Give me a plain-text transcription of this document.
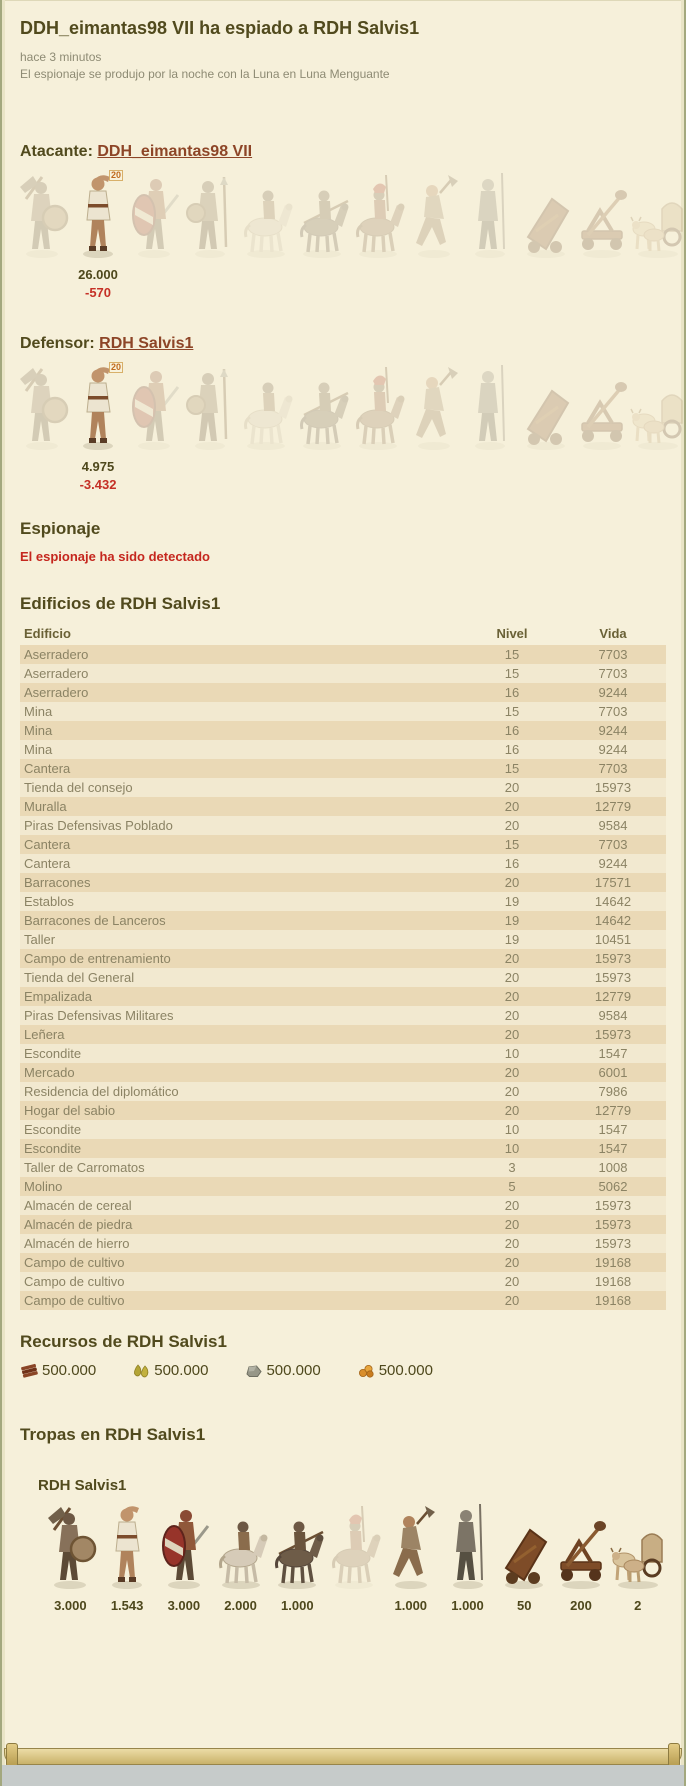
DDH_eimantas98 VII ha espiado a RDH Salvis1
hace 3 minutos
El espionaje se produjo por la noche con la Luna en Luna Menguante
Atacante: DDH_eimantas98 VII
20
26.000
-570
Defensor: RDH Salvis1
20
4.975
-3.432
Espionaje
El espionaje ha sido detectado
Edificios de RDH Salvis1
Edificio	Nivel	Vida
Aserradero	15	7703
Aserradero	15	7703
Aserradero	16	9244
Mina	15	7703
Mina	16	9244
Mina	16	9244
Cantera	15	7703
Tienda del consejo	20	15973
Muralla	20	12779
Piras Defensivas Poblado	20	9584
Cantera	15	7703
Cantera	16	9244
Barracones	20	17571
Establos	19	14642
Barracones de Lanceros	19	14642
Taller	19	10451
Campo de entrenamiento	20	15973
Tienda del General	20	15973
Empalizada	20	12779
Piras Defensivas Militares	20	9584
Leñera	20	15973
Escondite	10	1547
Mercado	20	6001
Residencia del diplomático	20	7986
Hogar del sabio	20	12779
Escondite	10	1547
Escondite	10	1547
Taller de Carromatos	3	1008
Molino	5	5062
Almacén de cereal	20	15973
Almacén de piedra	20	15973
Almacén de hierro	20	15973
Campo de cultivo	20	19168
Campo de cultivo	20	19168
Campo de cultivo	20	19168
Recursos de RDH Salvis1
500.000	500.000	500.000	500.000
Tropas en RDH Salvis1
RDH Salvis1
3.000 1.543 3.000 2.000 1.000	1.000 1.000	50	200	2
